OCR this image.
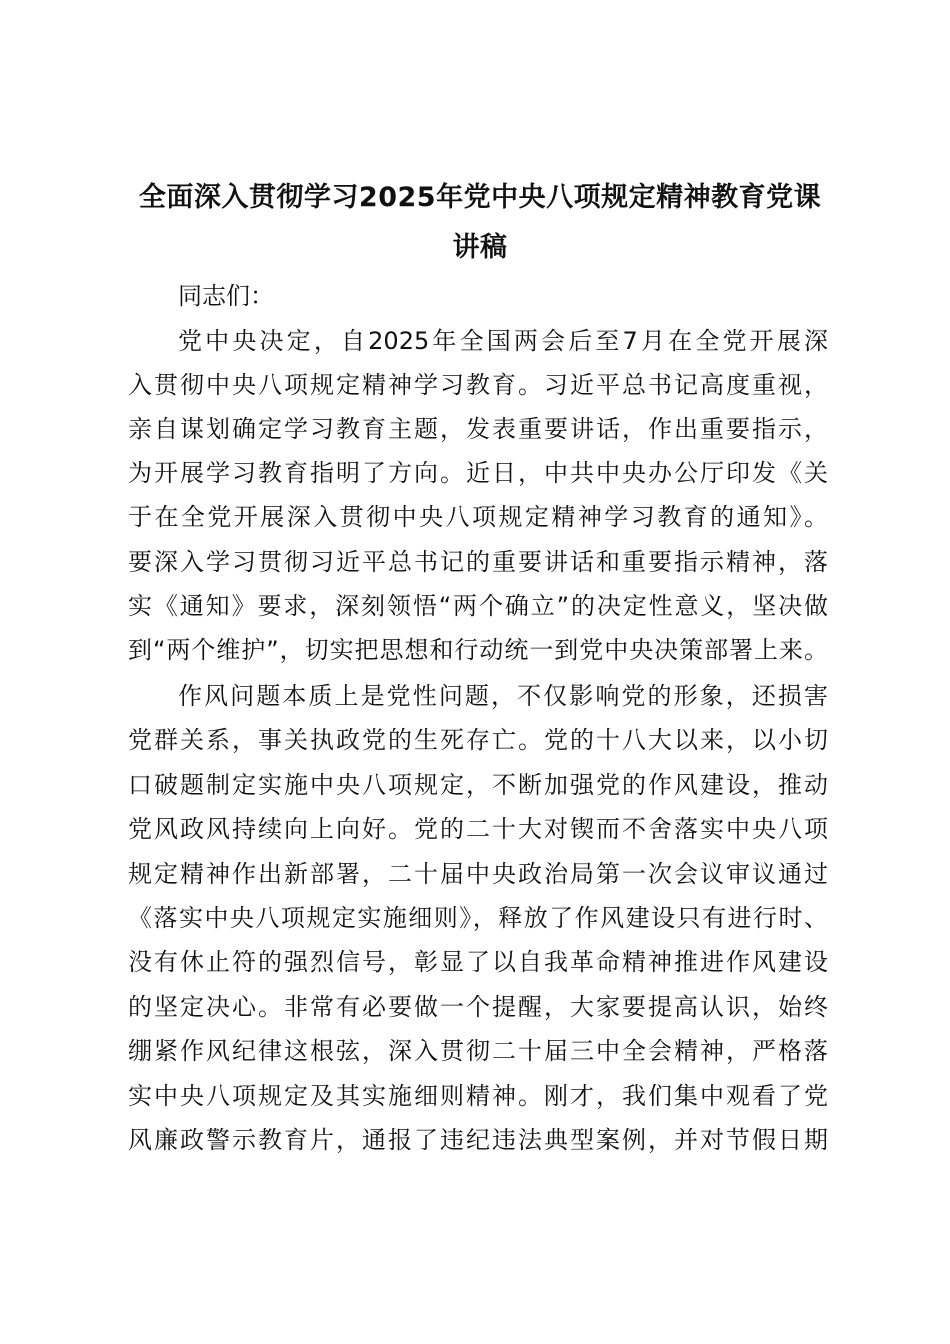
全面深入贯彻学习2025年党中央八项规定精神教育党课
讲稿

同志们：

党中央决定，自2025年全国两会后至7月在全党开展深

入贯彻中央八项规定精神学习教育。习近平总书记高度重视，

亲自谋划确定学习教育主题，发表重要讲话，作出重要指示，

为开展学习教育指明了方向。近日，中共中央办公厅印发《关

于在全党开展深入贯彻中央八项规定精神学习教育的通知》。

要深入学习贯彻习近平总书记的重要讲话和重要指示精神，落

实《通知》要求，深刻领悟“两个确立”的决定性意义，坚决做

到“两个维护”，切实把思想和行动统一到党中央决策部署上来。

作风问题本质上是党性问题，不仅影响党的形象，还损害

党群关系，事关执政党的生死存亡。党的十八大以来，以小切

口破题制定实施中央八项规定，不断加强党的作风建设，推动

党风政风持续向上向好。党的二十大对锲而不舍落实中央八项

规定精神作出新部署，二十届中央政治局第一次会议审议通过

《落实中央八项规定实施细则》，释放了作风建设只有进行时、

没有休止符的强烈信号，彰显了以自我革命精神推进作风建设

的坚定决心。非常有必要做一个提醒，大家要提高认识，始终

绷紧作风纪律这根弦，深入贯彻二十届三中全会精神，严格落

实中央八项规定及其实施细则精神。刚才，我们集中观看了党

风廉政警示教育片，通报了违纪违法典型案例，并对节假日期
